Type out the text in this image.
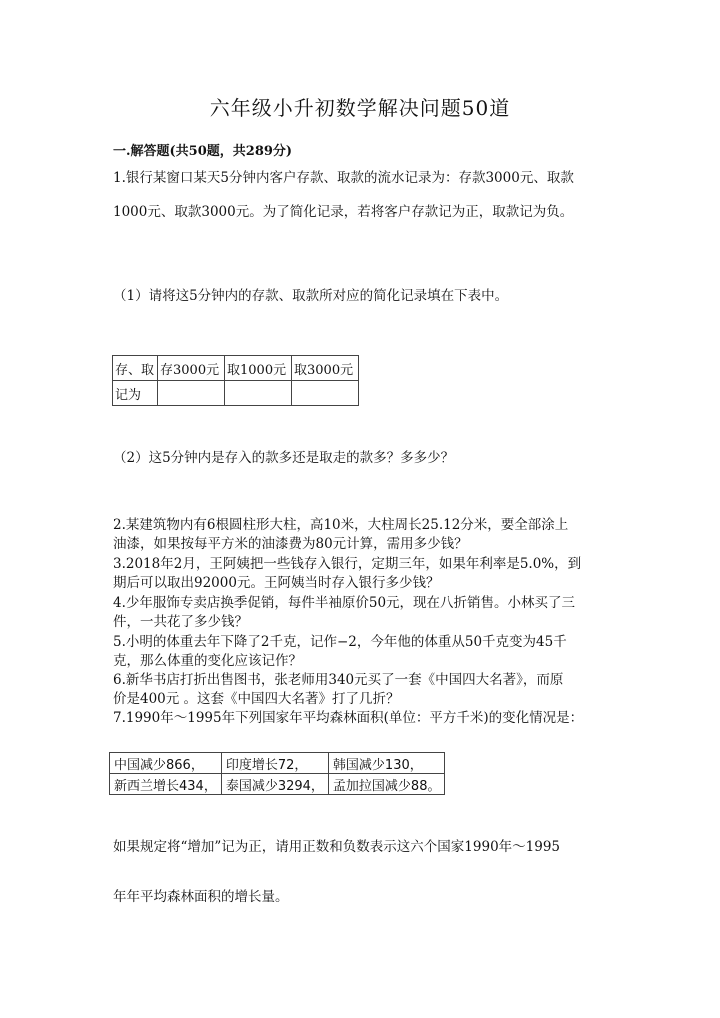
六年级小升初数学解决问题50道
一.解答题(共50题，共289分)
1.银行某窗口某天5分钟内客户存款、取款的流水记录为：存款3000元、取款
1000元、取款3000元。为了简化记录，若将客户存款记为正，取款记为负。
（1）请将这5分钟内的存款、取款所对应的简化记录填在下表中。
存、取	存3000元	取1000元	取3000元
记为			
（2）这5分钟内是存入的款多还是取走的款多？多多少？
2.某建筑物内有6根圆柱形大柱，高10米，大柱周长25.12分米，要全部涂上
油漆，如果按每平方米的油漆费为80元计算，需用多少钱？
3.2018年2月，王阿姨把一些钱存入银行，定期三年，如果年利率是5.0%，到
期后可以取出92000元。王阿姨当时存入银行多少钱？
4.少年服饰专卖店换季促销，每件半袖原价50元，现在八折销售。小林买了三
件，一共花了多少钱？
5.小明的体重去年下降了2千克，记作−2，今年他的体重从50千克变为45千
克，那么体重的变化应该记作？
6.新华书店打折出售图书，张老师用340元买了一套《中国四大名著》，而原
价是400元 。这套《中国四大名著》打了几折？
7.1990年～1995年下列国家年平均森林面积(单位：平方千米)的变化情况是：
中国减少866，	印度增长72，	韩国减少130，
新西兰增长434，	泰国减少3294，	孟加拉国减少88。
如果规定将“增加”记为正，请用正数和负数表示这六个国家1990年～1995
年年平均森林面积的增长量。
